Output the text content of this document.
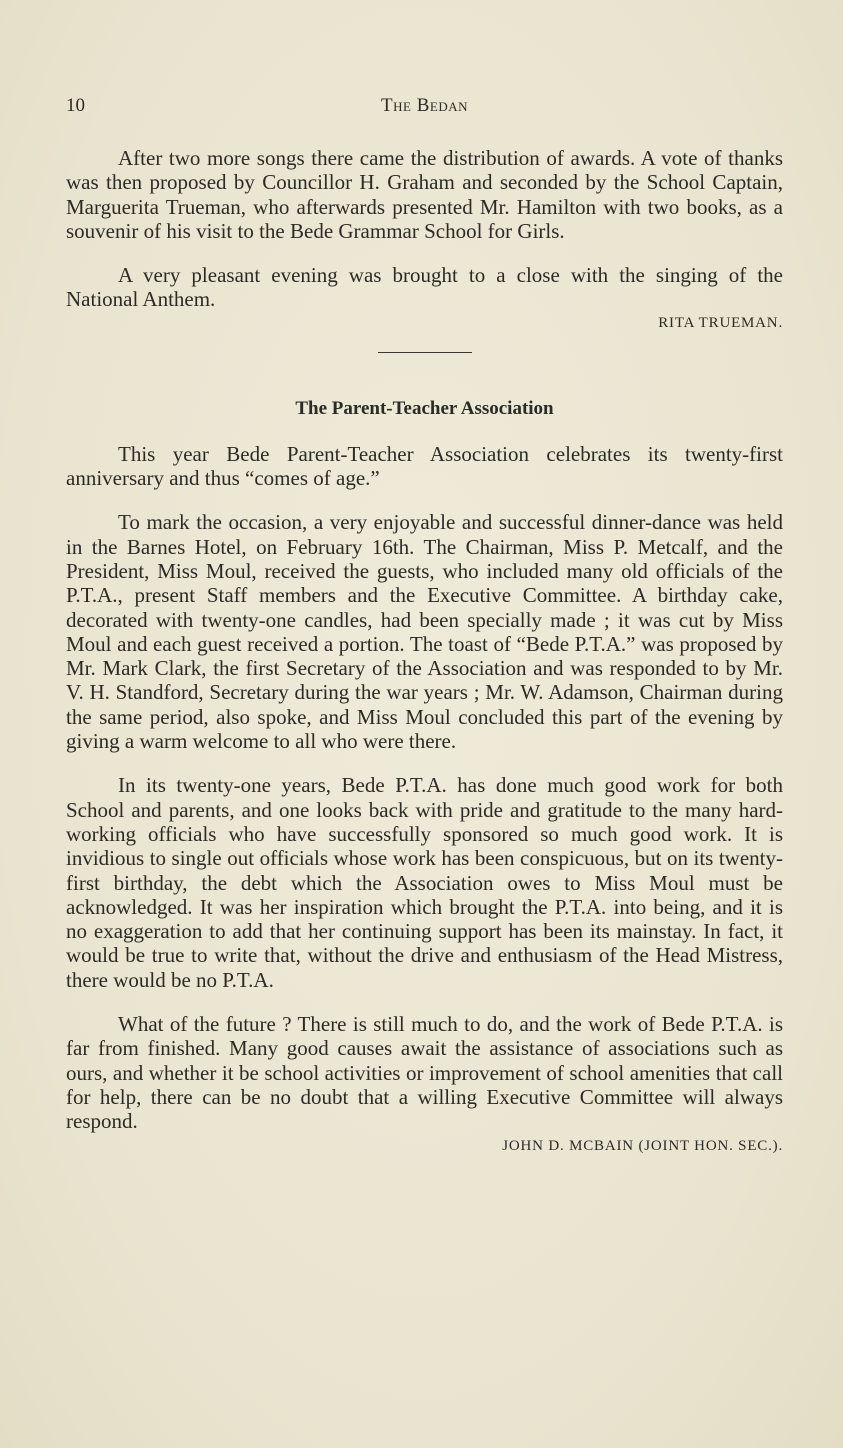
10	The Bedan

After two more songs there came the distribution of awards. A vote of thanks was then proposed by Councillor H. Graham and seconded by the School Captain, Marguerita Trueman, who afterwards presented Mr. Hamilton with two books, as a souvenir of his visit to the Bede Grammar School for Girls.

A very pleasant evening was brought to a close with the singing of the National Anthem.

RITA TRUEMAN.
The Parent-Teacher Association

This year Bede Parent-Teacher Association celebrates its twenty-first anniversary and thus “comes of age.”

To mark the occasion, a very enjoyable and successful dinner-dance was held in the Barnes Hotel, on February 16th. The Chairman, Miss P. Metcalf, and the President, Miss Moul, received the guests, who included many old officials of the P.T.A., present Staff members and the Executive Committee. A birthday cake, decorated with twenty-one candles, had been specially made ; it was cut by Miss Moul and each guest received a portion. The toast of “Bede P.T.A.” was proposed by Mr. Mark Clark, the first Secretary of the Association and was responded to by Mr. V. H. Standford, Secretary during the war years ; Mr. W. Adamson, Chairman during the same period, also spoke, and Miss Moul concluded this part of the evening by giving a warm welcome to all who were there.

In its twenty-one years, Bede P.T.A. has done much good work for both School and parents, and one looks back with pride and gratitude to the many hard-working officials who have successfully sponsored so much good work. It is invidious to single out officials whose work has been conspicuous, but on its twenty-first birthday, the debt which the Association owes to Miss Moul must be acknowledged. It was her inspiration which brought the P.T.A. into being, and it is no exaggeration to add that her continuing support has been its mainstay. In fact, it would be true to write that, without the drive and enthusiasm of the Head Mistress, there would be no P.T.A.

What of the future ? There is still much to do, and the work of Bede P.T.A. is far from finished. Many good causes await the assistance of associations such as ours, and whether it be school activities or improvement of school amenities that call for help, there can be no doubt that a willing Executive Committee will always respond.

JOHN D. MCBAIN (JOINT HON. SEC.).
